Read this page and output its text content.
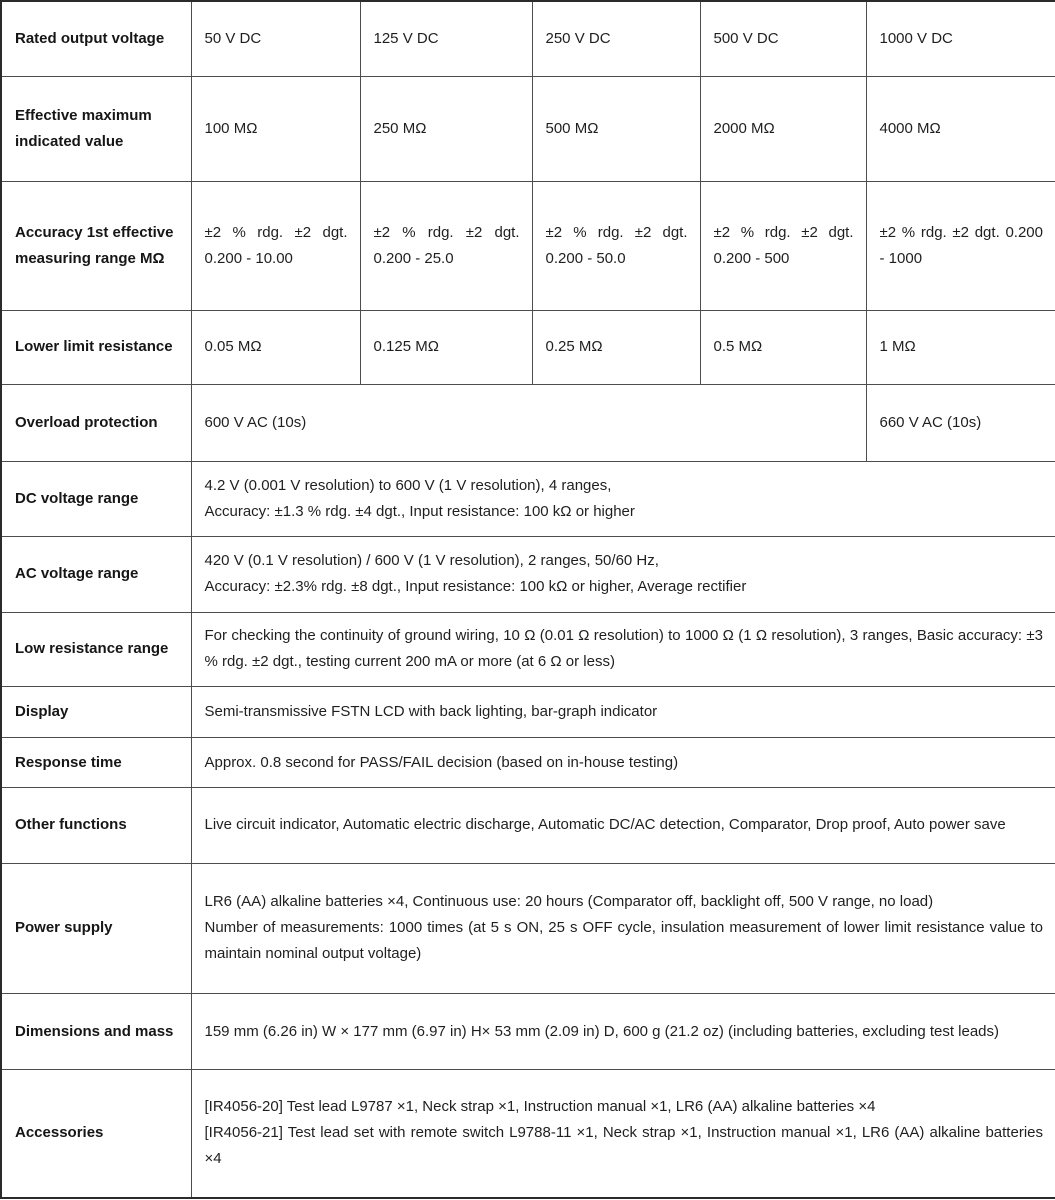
Rated output voltage	50 V DC	125 V DC	250 V DC	500 V DC	1000 V DC
Effective maximum indicated value	100 MΩ	250 MΩ	500 MΩ	2000 MΩ	4000 MΩ
Accuracy 1st effective measuring range MΩ	±2 % rdg. ±2 dgt. 0.200 - 10.00	±2 % rdg. ±2 dgt. 0.200 - 25.0	±2 % rdg. ±2 dgt. 0.200 - 50.0	±2 % rdg. ±2 dgt. 0.200 - 500	±2 % rdg. ±2 dgt. 0.200 - 1000
Lower limit resistance	0.05 MΩ	0.125 MΩ	0.25 MΩ	0.5 MΩ	1 MΩ
Overload protection	600 V AC (10s)				660 V AC (10s)
DC voltage range	4.2 V (0.001 V resolution) to 600 V (1 V resolution), 4 ranges,
Accuracy: ±1.3 % rdg. ±4 dgt., Input resistance: 100 kΩ or higher				

AC voltage range	420 V (0.1 V resolution) / 600 V (1 V resolution), 2 ranges, 50/60 Hz,
Accuracy: ±2.3% rdg. ±8 dgt., Input resistance: 100 kΩ or higher, Average rectifier				

Low resistance range	For checking the continuity of ground wiring, 10 Ω (0.01 Ω resolution) to 1000 Ω (1 Ω resolution), 3 ranges, Basic accuracy: ±3 % rdg. ±2 dgt., testing current 200 mA or more (at 6 Ω or less)				
Display	Semi-transmissive FSTN LCD with back lighting, bar-graph indicator				
Response time	Approx. 0.8 second for PASS/FAIL decision (based on in-house testing)				
Other functions	Live circuit indicator, Automatic electric discharge, Automatic DC/AC detection, Comparator, Drop proof, Auto power save				
Power supply	LR6 (AA) alkaline batteries ×4, Continuous use: 20 hours (Comparator off, backlight off, 500 V range, no load)
Number of measurements: 1000 times (at 5 s ON, 25 s OFF cycle, insulation measurement of lower limit resistance value to maintain nominal output voltage)				

Dimensions and mass	159 mm (6.26 in) W × 177 mm (6.97 in) H× 53 mm (2.09 in) D, 600 g (21.2 oz) (including batteries, excluding test leads)				
Accessories	[IR4056-20] Test lead L9787 ×1, Neck strap ×1, Instruction manual ×1, LR6 (AA) alkaline batteries ×4
[IR4056-21] Test lead set with remote switch L9788-11 ×1, Neck strap ×1, Instruction manual ×1, LR6 (AA) alkaline batteries ×4				
